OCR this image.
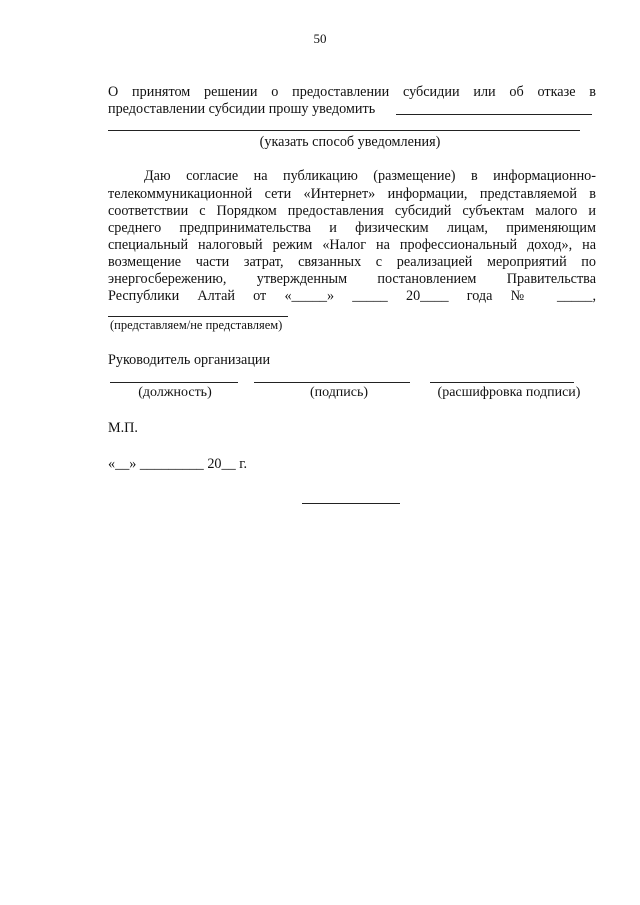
50
О принятом решении о предоставлении субсидии или об отказе в
предоставлении субсидии прошу уведомить
(указать способ уведомления)
Даю согласие на публикацию (размещение) в информационно-
телекоммуникационной сети «Интернет» информации, представляемой в
соответствии с Порядком предоставления субсидий субъектам малого и
среднего предпринимательства и физическим лицам, применяющим
специальный налоговый режим «Налог на профессиональный доход», на
возмещение части затрат, связанных с реализацией мероприятий по
энергосбережению, утвержденным постановлением Правительства
Республики Алтай от «_____» _____ 20____ года № _____,
(представляем/не представляем)
Руководитель организации
(должность)	(подпись)	(расшифровка подписи)
М.П.
«__» _________ 20__ г.
